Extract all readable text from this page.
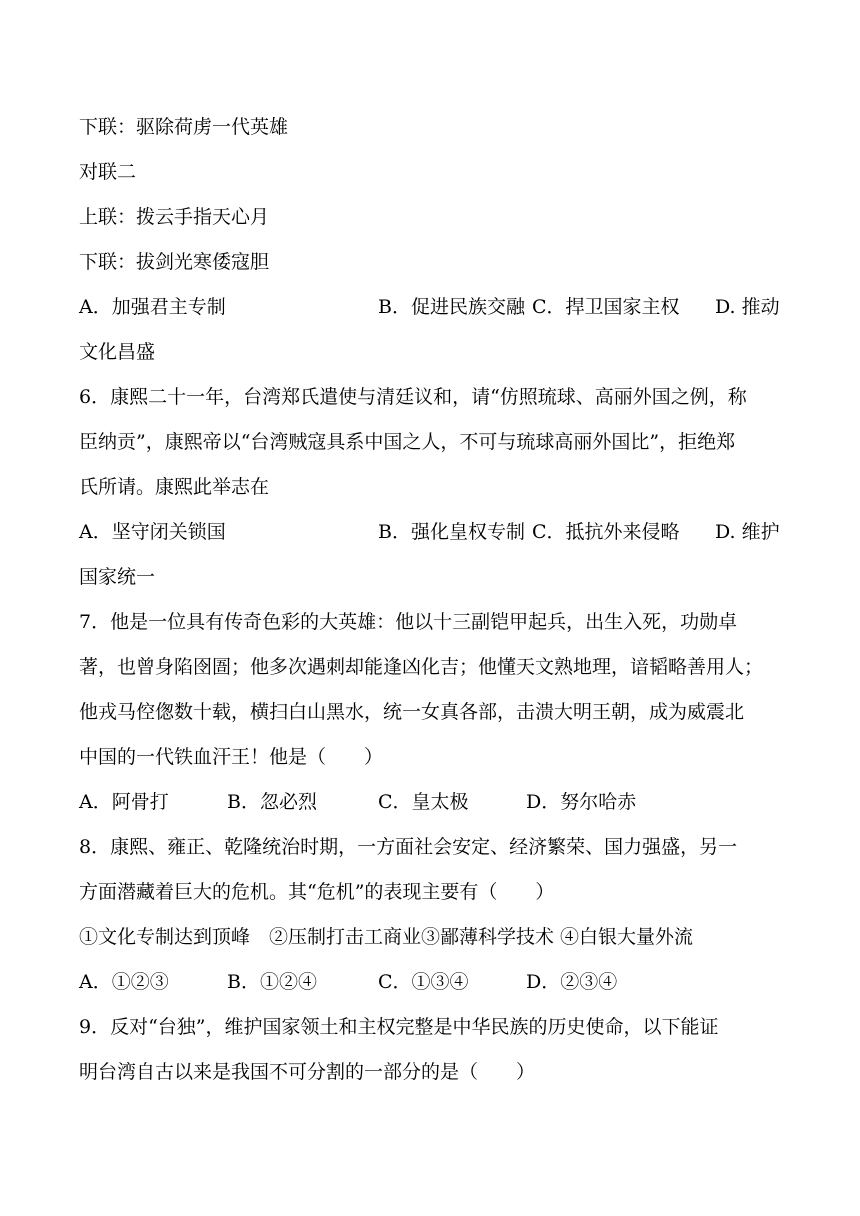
下联：驱除荷虏一代英雄
对联二
上联：拨云手指天心月
下联：拔剑光寒倭寇胆
A．加强君主专制	B．促进民族交融 C．捍卫国家主权 D. 推动
文化昌盛
6．康熙二十一年，台湾郑氏遣使与清廷议和，请“仿照琉球、高丽外国之例，称
臣纳贡”，康熙帝以“台湾贼寇具系中国之人，不可与琉球高丽外国比”，拒绝郑
氏所请。康熙此举志在
A．坚守闭关锁国	B．强化皇权专制 C．抵抗外来侵略 D. 维护
国家统一
7．他是一位具有传奇色彩的大英雄：他以十三副铠甲起兵，出生入死，功勋卓
著，也曾身陷囹圄；他多次遇刺却能逢凶化吉；他懂天文熟地理，谙韬略善用人；
他戎马倥偬数十载，横扫白山黑水，统一女真各部，击溃大明王朝，成为威震北
中国的一代铁血汗王！他是（　　）
A．阿骨打	B．忽必烈	C．皇太极	D．努尔哈赤
8．康熙、雍正、乾隆统治时期，一方面社会安定、经济繁荣、国力强盛，另一
方面潜藏着巨大的危机。其“危机”的表现主要有（　　）
①文化专制达到顶峰　②压制打击工商业③鄙薄科学技术 ④白银大量外流
A．①②③	B．①②④	C．①③④	D．②③④
9．反对“台独”，维护国家领土和主权完整是中华民族的历史使命，以下能证
明台湾自古以来是我国不可分割的一部分的是（　　）
